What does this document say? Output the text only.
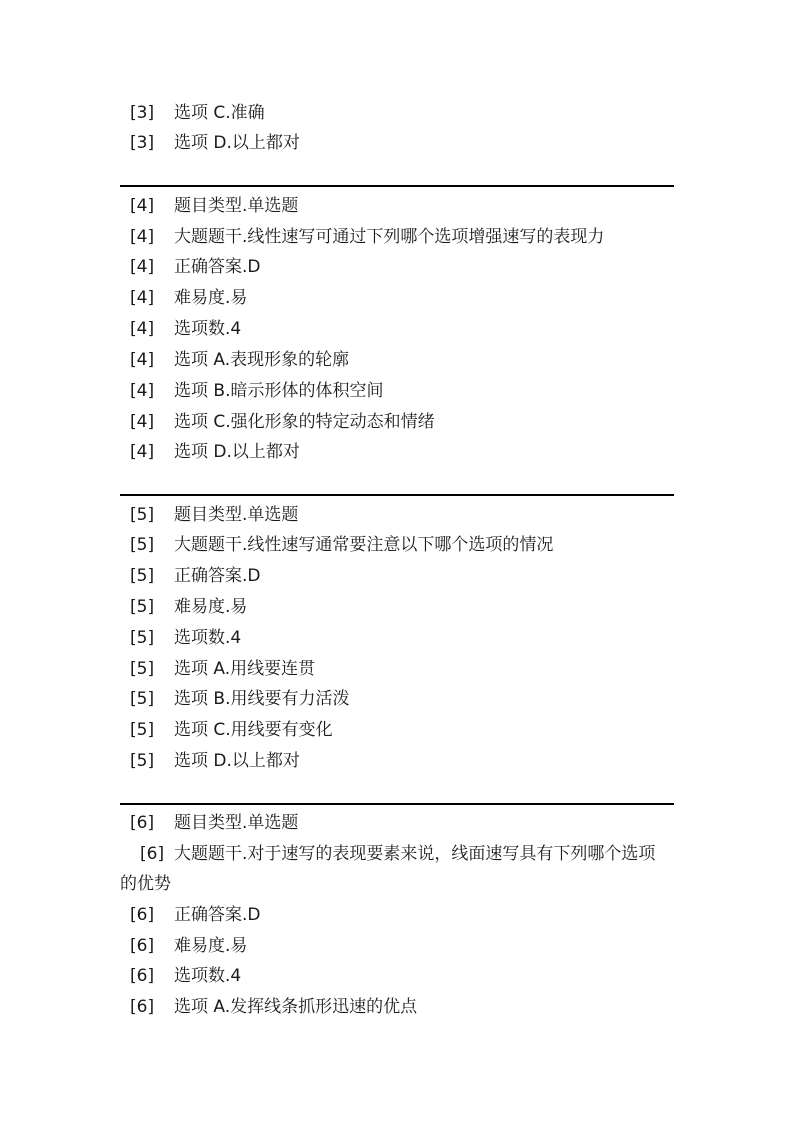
[3] 选项 C.准确
[3] 选项 D.以上都对
[4] 题目类型.单选题
[4] 大题题干.线性速写可通过下列哪个选项增强速写的表现力
[4] 正确答案.D
[4] 难易度.易
[4] 选项数.4
[4] 选项 A.表现形象的轮廓
[4] 选项 B.暗示形体的体积空间
[4] 选项 C.强化形象的特定动态和情绪
[4] 选项 D.以上都对
[5] 题目类型.单选题
[5] 大题题干.线性速写通常要注意以下哪个选项的情况
[5] 正确答案.D
[5] 难易度.易
[5] 选项数.4
[5] 选项 A.用线要连贯
[5] 选项 B.用线要有力活泼
[5] 选项 C.用线要有变化
[5] 选项 D.以上都对
[6] 题目类型.单选题
[6] 大题题干.对于速写的表现要素来说，线面速写具有下列哪个选项的优势
[6] 正确答案.D
[6] 难易度.易
[6] 选项数.4
[6] 选项 A.发挥线条抓形迅速的优点
